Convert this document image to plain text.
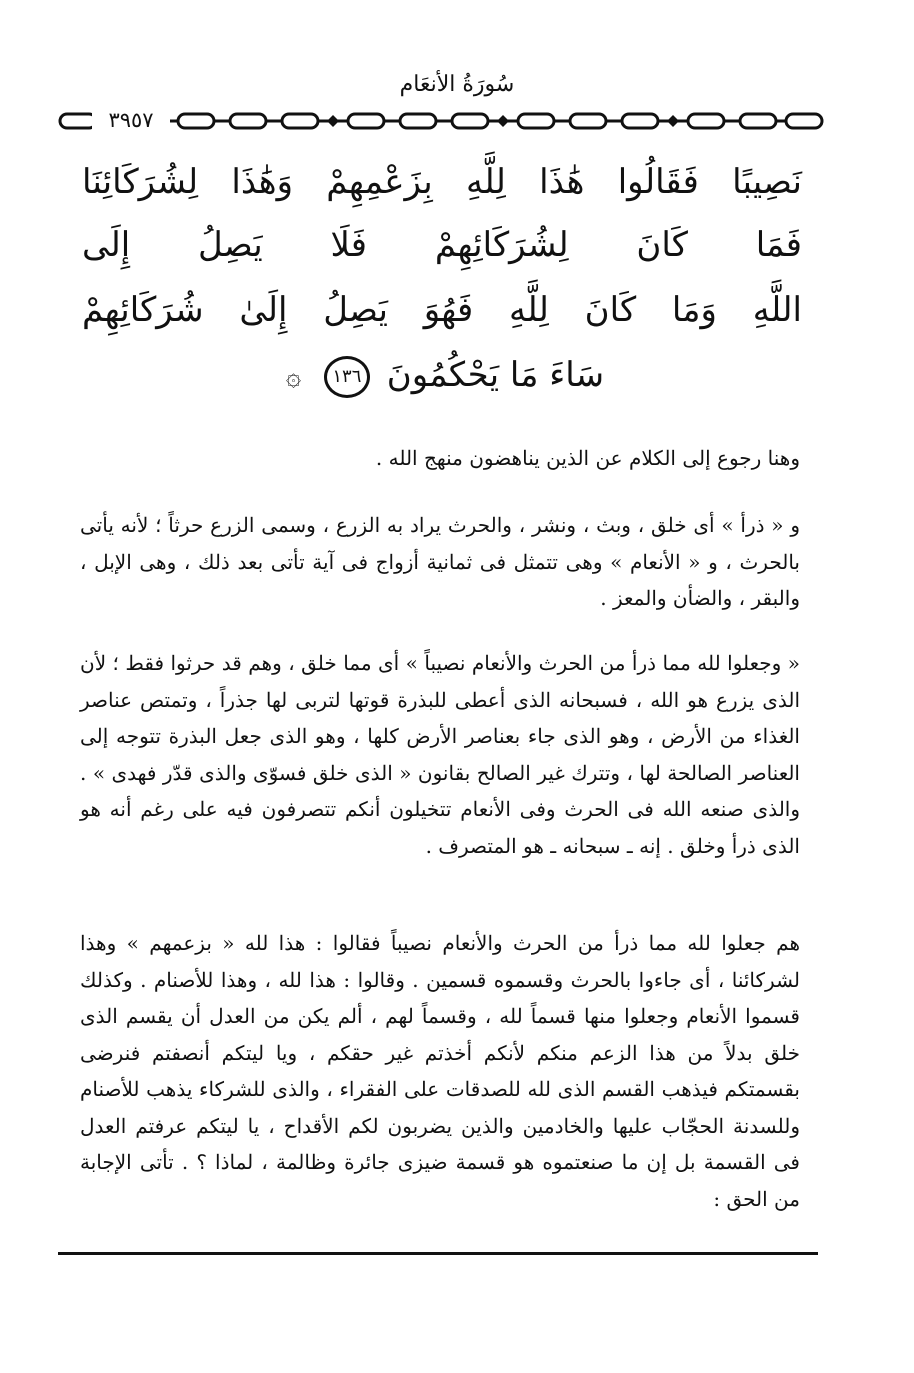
سُورَةُ الأنعَام
٣٩٥٧
نَصِيبًا فَقَالُوا هَٰذَا لِلَّهِ بِزَعْمِهِمْ وَهَٰذَا لِشُرَكَائِنَا
فَمَا كَانَ لِشُرَكَائِهِمْ فَلَا يَصِلُ إِلَى
اللَّهِ وَمَا كَانَ لِلَّهِ فَهُوَ يَصِلُ إِلَىٰ شُرَكَائِهِمْ
سَاءَ مَا يَحْكُمُونَ ١٣٦ ۞

وهنا رجوع إلى الكلام عن الذين يناهضون منهج الله .

و « ذرأ » أى خلق ، وبث ، ونشر ، والحرث يراد به الزرع ، وسمى الزرع حرثاً ؛ لأنه يأتى بالحرث ، و « الأنعام » وهى تتمثل فى ثمانية أزواج فى آية تأتى بعد ذلك ، وهى الإبل ، والبقر ، والضأن والمعز .

« وجعلوا لله مما ذرأ من الحرث والأنعام نصيباً » أى مما خلق ، وهم قد حرثوا فقط ؛ لأن الذى يزرع هو الله ، فسبحانه الذى أعطى للبذرة قوتها لتربى لها جذراً ، وتمتص عناصر الغذاء من الأرض ، وهو الذى جاء بعناصر الأرض كلها ، وهو الذى جعل البذرة تتوجه إلى العناصر الصالحة لها ، وتترك غير الصالح بقانون « الذى خلق فسوّى والذى قدّر فهدى » . والذى صنعه الله فى الحرث وفى الأنعام تتخيلون أنكم تتصرفون فيه على رغم أنه هو الذى ذرأ وخلق . إنه ـ سبحانه ـ هو المتصرف .

هم جعلوا لله مما ذرأ من الحرث والأنعام نصيباً فقالوا : هذا لله « بزعمهم » وهذا لشركائنا ، أى جاءوا بالحرث وقسموه قسمين . وقالوا : هذا لله ، وهذا للأصنام . وكذلك قسموا الأنعام وجعلوا منها قسماً لله ، وقسماً لهم ، ألم يكن من العدل أن يقسم الذى خلق بدلاً من هذا الزعم منكم لأنكم أخذتم غير حقكم ، ويا ليتكم أنصفتم فنرضى بقسمتكم فيذهب القسم الذى لله للصدقات على الفقراء ، والذى للشركاء يذهب للأصنام وللسدنة الحجّاب عليها والخادمين والذين يضربون لكم الأقداح ، يا ليتكم عرفتم العدل فى القسمة بل إن ما صنعتموه هو قسمة ضيزى جائرة وظالمة ، لماذا ؟ . تأتى الإجابة من الحق :
